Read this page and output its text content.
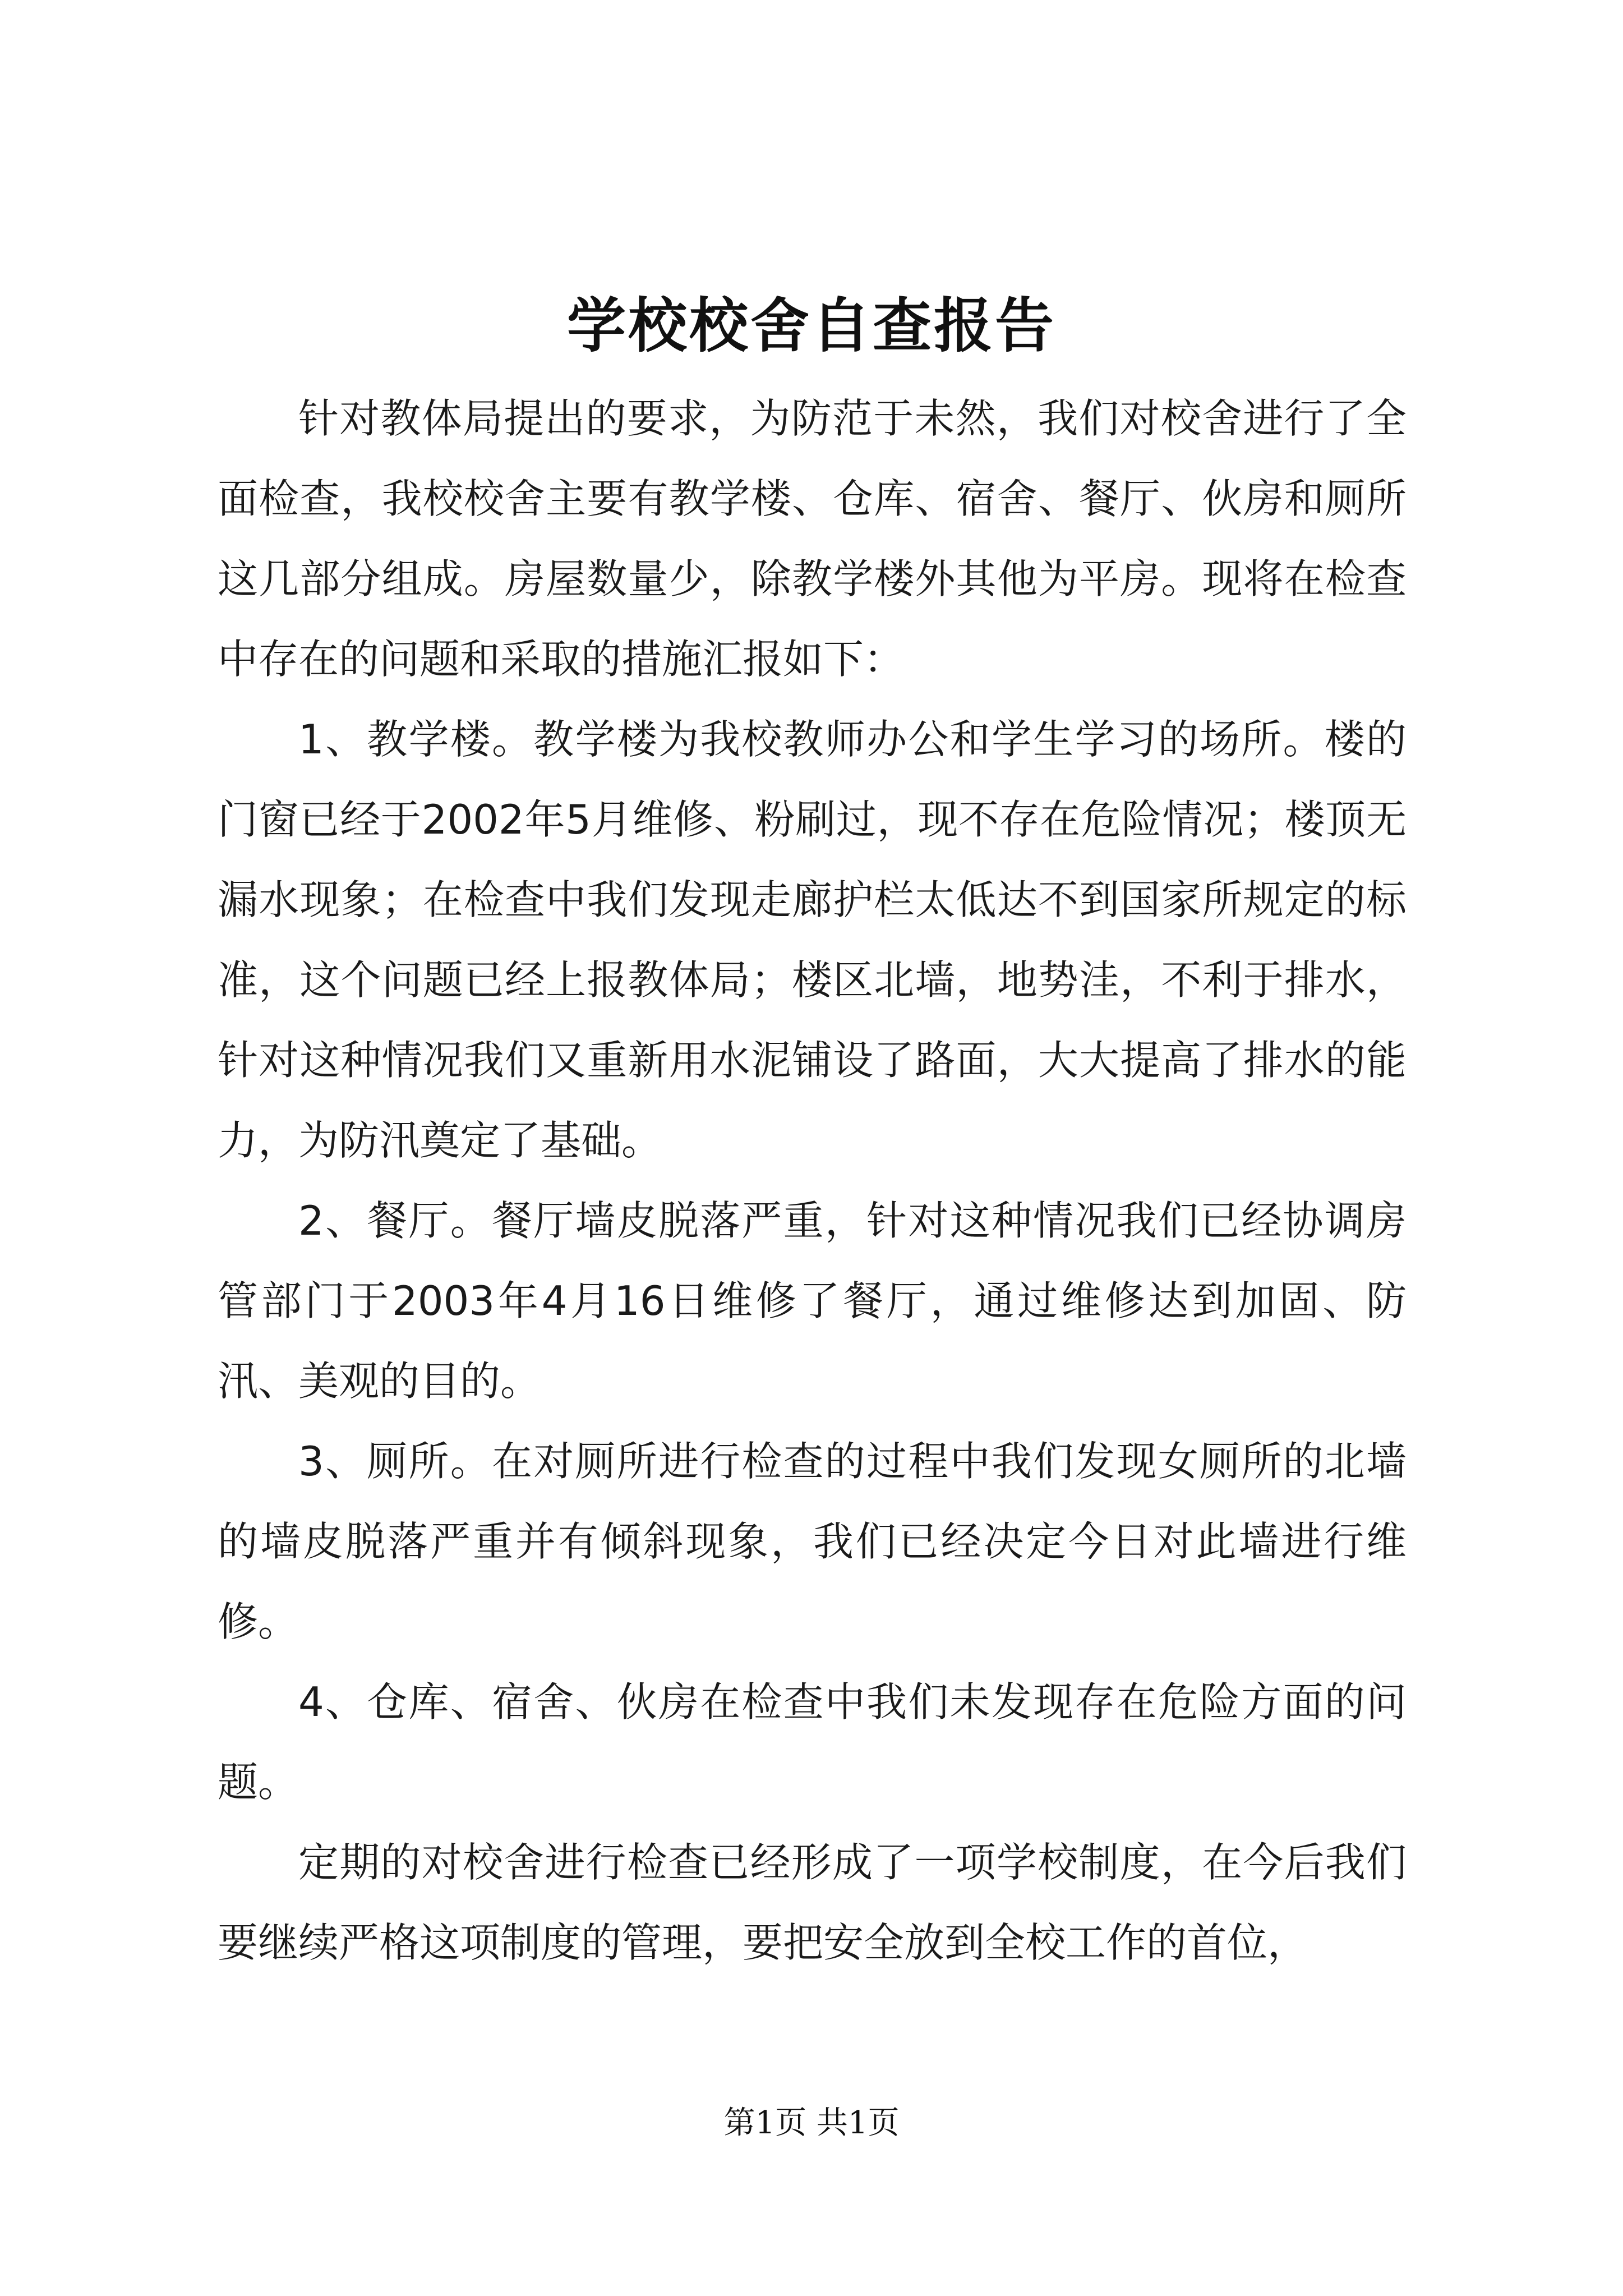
学校校舍自查报告

针对教体局提出的要求，为防范于未然，我们对校舍进行了全面检查，我校校舍主要有教学楼、仓库、宿舍、餐厅、伙房和厕所这几部分组成。房屋数量少，除教学楼外其他为平房。现将在检查中存在的问题和采取的措施汇报如下：

1、教学楼。教学楼为我校教师办公和学生学习的场所。楼的门窗已经于2002年5月维修、粉刷过，现不存在危险情况；楼顶无漏水现象；在检查中我们发现走廊护栏太低达不到国家所规定的标准，这个问题已经上报教体局；楼区北墙，地势洼，不利于排水，针对这种情况我们又重新用水泥铺设了路面，大大提高了排水的能力，为防汛奠定了基础。

2、餐厅。餐厅墙皮脱落严重，针对这种情况我们已经协调房管部门于2003年4月16日维修了餐厅，通过维修达到加固、防汛、美观的目的。

3、厕所。在对厕所进行检查的过程中我们发现女厕所的北墙的墙皮脱落严重并有倾斜现象，我们已经决定今日对此墙进行维修。

4、仓库、宿舍、伙房在检查中我们未发现存在危险方面的问题。

定期的对校舍进行检查已经形成了一项学校制度，在今后我们要继续严格这项制度的管理，要把安全放到全校工作的首位，

第1页 共1页
